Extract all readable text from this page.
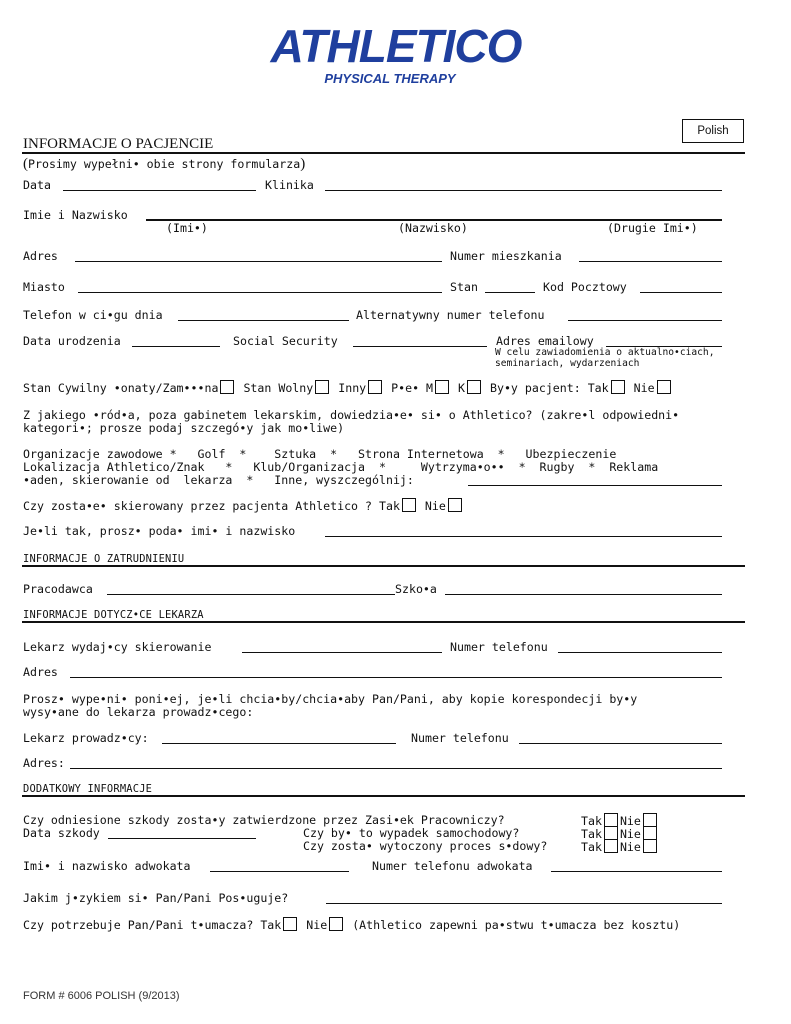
ATHLETICO
PHYSICAL THERAPY
Polish
INFORMACJE O PACJENCIE
(Prosimy wypełni• obie strony formularza)
Data	Klinika
Imie i Nazwisko
(Imi•)	(Nazwisko)	(Drugie Imi•)
Adres	Numer mieszkania
Miasto	Stan	Kod Pocztowy
Telefon w ci•gu dnia	Alternatywny numer telefonu
Data urodzenia	Social Security	Adres emailowy
W celu zawiadomienia o aktualno•ciach,
seminariach, wydarzeniach
Stan Cywilny •onaty/Zam•••na Stan Wolny Inny P•e• M K By•y pacjent: Tak Nie
Z jakiego •ród•a, poza gabinetem lekarskim, dowiedzia•e• si• o Athletico? (zakre•l odpowiedni•
kategori•; prosze podaj szczegó•y jak mo•liwe)
Organizacje zawodowe *   Golf  *    Sztuka  *   Strona Internetowa  *   Ubezpieczenie
Lokalizacja Athletico/Znak   *   Klub/Organizacja  *     Wytrzyma•o••  *  Rugby  *  Reklama
•aden, skierowanie od  lekarza  *   Inne, wyszczególnij:
Czy zosta•e• skierowany przez pacjenta Athletico ? Tak Nie
Je•li tak, prosz• poda• imi• i nazwisko
INFORMACJE O ZATRUDNIENIU
Pracodawca	Szko•a
INFORMACJE DOTYCZ•CE LEKARZA
Lekarz wydaj•cy skierowanie	Numer telefonu
Adres
Prosz• wype•ni• poni•ej, je•li chcia•by/chcia•aby Pan/Pani, aby kopie korespondecji by•y
wysy•ane do lekarza prowadz•cego:
Lekarz prowadz•cy:	Numer telefonu
Adres:
DODATKOWY INFORMACJE
Czy odniesione szkody zosta•y zatwierdzone przez Zasi•ek Pracowniczy?	Tak Nie
Data szkody	Czy by• to wypadek samochodowy?	Tak Nie
Czy zosta• wytoczony proces s•dowy?	Tak Nie
Imi• i nazwisko adwokata	Numer telefonu adwokata
Jakim j•zykiem si• Pan/Pani Pos•uguje?
Czy potrzebuje Pan/Pani t•umacza? Tak Nie (Athletico zapewni pa•stwu t•umacza bez kosztu)
FORM # 6006 POLISH (9/2013)
